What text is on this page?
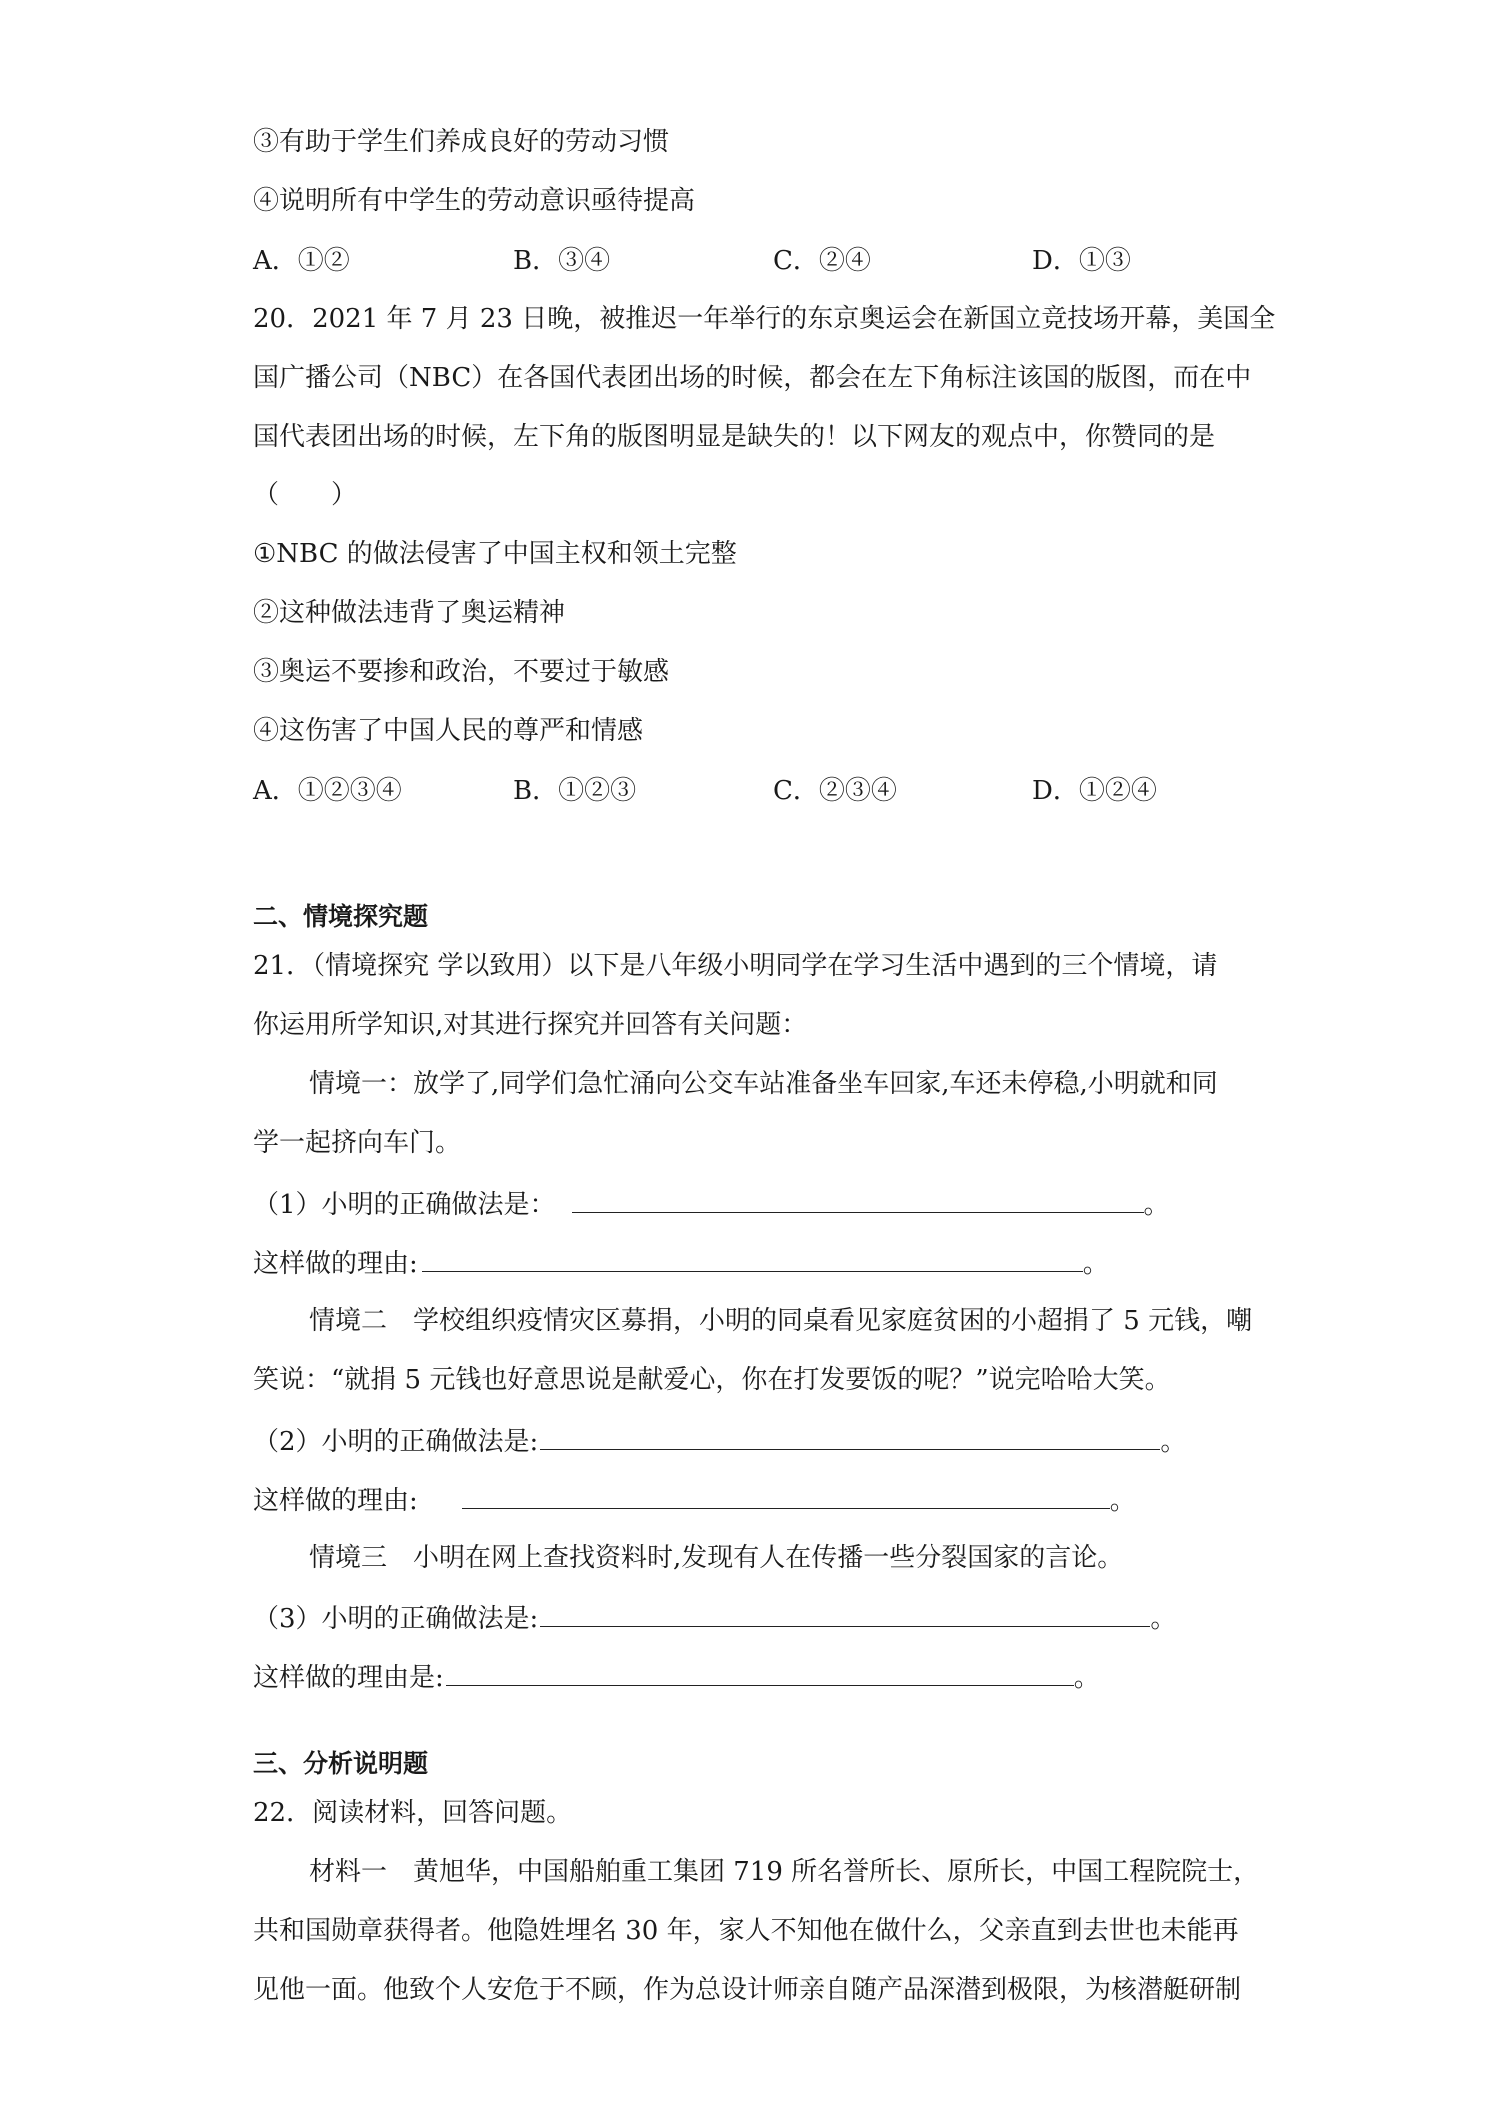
③有助于学生们养成良好的劳动习惯
④说明所有中学生的劳动意识亟待提高
A．①②	B．③④	C．②④	D．①③
20．2021 年 7 月 23 日晚，被推迟一年举行的东京奥运会在新国立竞技场开幕，美国全
国广播公司（NBC）在各国代表团出场的时候，都会在左下角标注该国的版图，而在中
国代表团出场的时候，左下角的版图明显是缺失的！以下网友的观点中，你赞同的是
（　　）
①NBC 的做法侵害了中国主权和领土完整
②这种做法违背了奥运精神
③奥运不要掺和政治，不要过于敏感
④这伤害了中国人民的尊严和情感
A．①②③④	B．①②③	C．②③④	D．①②④
二、情境探究题
21．（情境探究 学以致用）以下是八年级小明同学在学习生活中遇到的三个情境，请
你运用所学知识,对其进行探究并回答有关问题：
情境一：放学了,同学们急忙涌向公交车站准备坐车回家,车还未停稳,小明就和同
学一起挤向车门。
（1）小明的正确做法是：	。
这样做的理由:	。
情境二　学校组织疫情灾区募捐，小明的同桌看见家庭贫困的小超捐了 5 元钱，嘲
笑说：“就捐 5 元钱也好意思说是献爱心，你在打发要饭的呢？”说完哈哈大笑。
（2）小明的正确做法是:	。
这样做的理由:	。
情境三　小明在网上查找资料时,发现有人在传播一些分裂国家的言论。
（3）小明的正确做法是:	。
这样做的理由是:	。
三、分析说明题
22．阅读材料，回答问题。
材料一　黄旭华，中国船舶重工集团 719 所名誉所长、原所长，中国工程院院士，
共和国勋章获得者。他隐姓埋名 30 年，家人不知他在做什么，父亲直到去世也未能再
见他一面。他致个人安危于不顾，作为总设计师亲自随产品深潜到极限，为核潜艇研制
